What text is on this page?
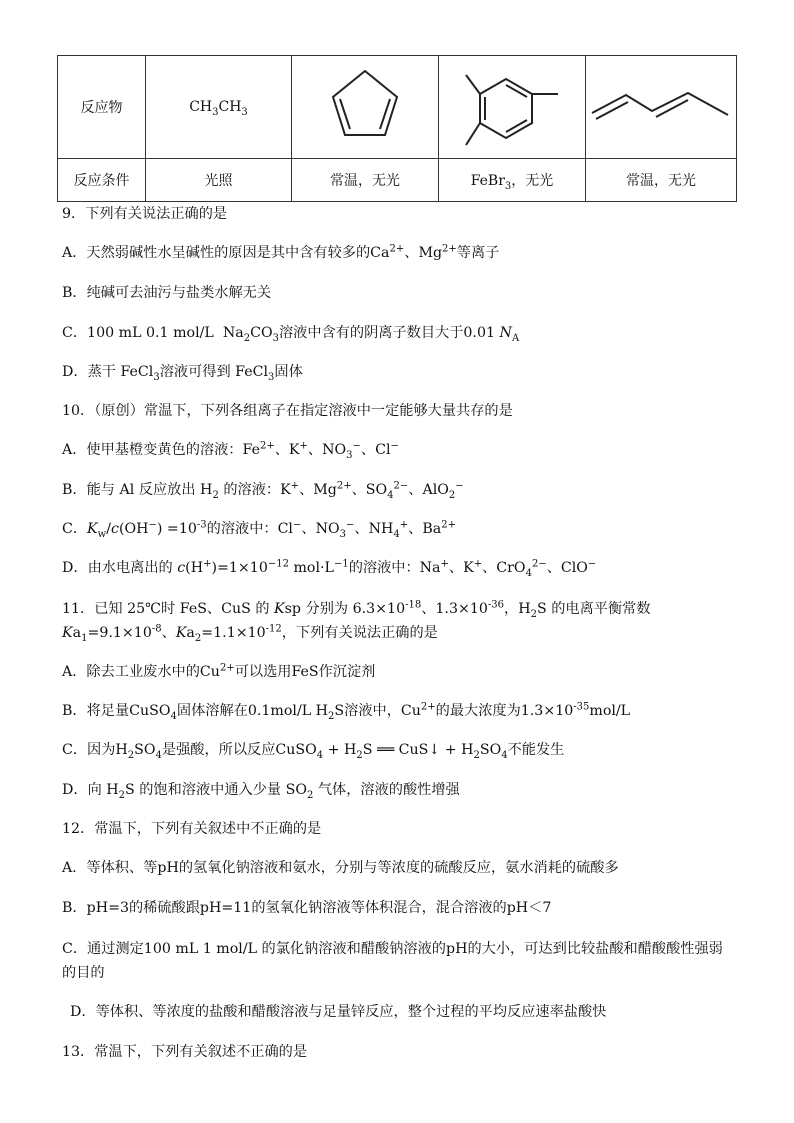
反应物	$CH_3CH_3$			
反应条件	光照	常温，无光	FeBr$_3$，无光	常温，无光
9．下列有关说法正确的是
A．天然弱碱性水呈碱性的原因是其中含有较多的$Ca^{2+}$、$Mg^{2+}$等离子
B．纯碱可去油污与盐类水解无关
C．100 mL 0.1 mol/L  $Na_2CO_3$溶液中含有的阴离子数目大于0.01 $N_A$
D．蒸干 FeCl$_3$溶液可得到 FeCl$_3$固体
10．（原创）常温下，下列各组离子在指定溶液中一定能够大量共存的是
A．使甲基橙变黄色的溶液：$Fe^{2+}$、K+、$NO_3^-$、Cl−
B．能与 Al 反应放出 $H_2$ 的溶液：K+、$Mg^{2+}$、$SO_4^{2-}$、AlO$_2$−
C．$K_w/c(OH^-) =10^{-3}$的溶液中：Cl−、$NO_3^-$、$NH_4^+$、$Ba^{2+}$
D．由水电离出的 $c(H^+)=1\times 10^{-12}$ $mol\cdot L^{-1}$的溶液中：Na+、K+、CrO$_4^{2-}$、ClO−
11．已知 25℃时 FeS、CuS 的 Ksp 分别为 $6.3\times 10^{-18}$、$1.3\times 10^{-36}$，$H_2S$ 的电离平衡常数 $Ka_1=9.1\times 10^{-8}$、$Ka_2=1.1\times 10^{-12}$，下列有关说法正确的是
A．除去工业废水中的$Cu^{2+}$可以选用FeS作沉淀剂
B．将足量CuSO$_4$固体溶解在0.1mol/L $H_2S$溶液中，$Cu^{2+}$的最大浓度为$1.3\times 10^{-35}mol/L$
C．因为$H_2SO_4$是强酸，所以反应CuSO$_4$ + $H_2S$ ══ CuS↓ + $H_2SO_4$不能发生
D．向 $H_2S$ 的饱和溶液中通入少量 $SO_2$ 气体，溶液的酸性增强
12．常温下，下列有关叙述中不正确的是
A．等体积、等pH的氢氧化钠溶液和氨水，分别与等浓度的硫酸反应，氨水消耗的硫酸多
B．pH=3的稀硫酸跟pH=11的氢氧化钠溶液等体积混合，混合溶液的pH＜7
C．通过测定100 mL 1 mol/L 的氯化钠溶液和醋酸钠溶液的pH的大小，可达到比较盐酸和醋酸酸性强弱的目的
D．等体积、等浓度的盐酸和醋酸溶液与足量锌反应，整个过程的平均反应速率盐酸快
13．常温下，下列有关叙述不正确的是
